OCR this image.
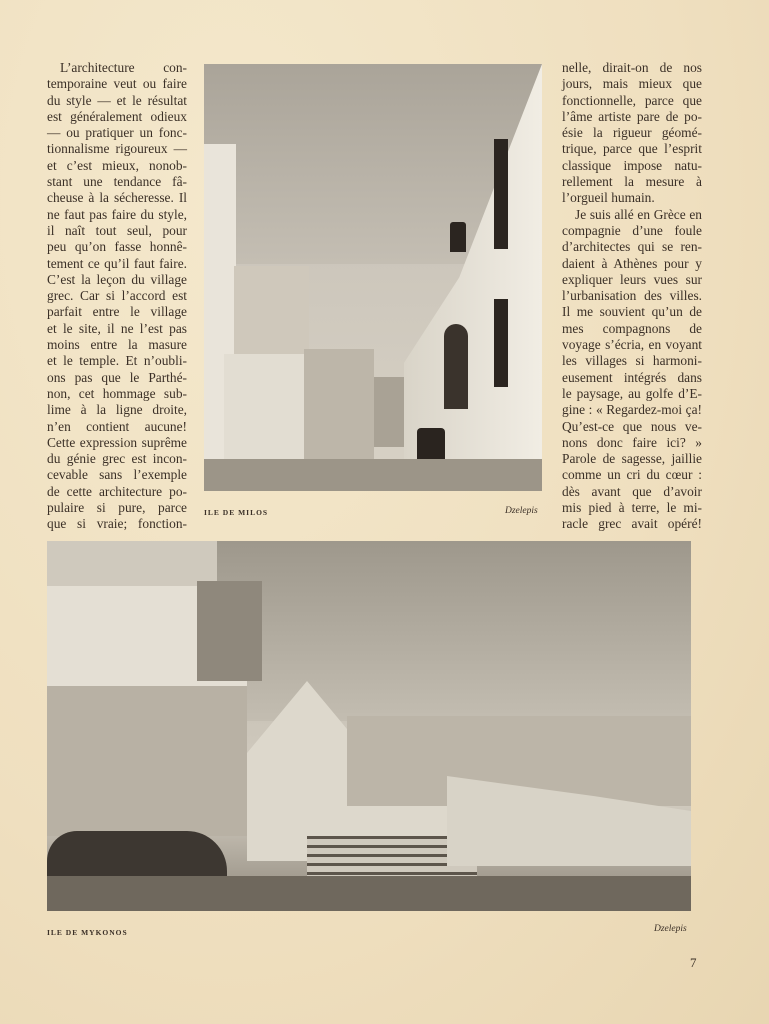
L’architecture con-
temporaine veut ou faire
du style — et le résultat
est généralement odieux
— ou pratiquer un fonc-
tionnalisme rigoureux —
et c’est mieux, nonob-
stant une tendance fâ-
cheuse à la sécheresse. Il
ne faut pas faire du style,
il naît tout seul, pour
peu qu’on fasse honnê-
tement ce qu’il faut faire.
C’est la leçon du village
grec. Car si l’accord est
parfait entre le village
et le site, il ne l’est pas
moins entre la masure
et le temple. Et n’oubli-
ons pas que le Parthé-
non, cet hommage sub-
lime à la ligne droite,
n’en contient aucune!
Cette expression suprême
du génie grec est incon-
cevable sans l’exemple
de cette architecture po-
pulaire si pure, parce
que si vraie; fonction-
nelle, dirait-on de nos
jours, mais mieux que
fonctionnelle, parce que
l’âme artiste pare de po-
ésie la rigueur géomé-
trique, parce que l’esprit
classique impose natu-
rellement la mesure à
l’orgueil humain.
Je suis allé en Grèce en
compagnie d’une foule
d’architectes qui se ren-
daient à Athènes pour y
expliquer leurs vues sur
l’urbanisation des villes.
Il me souvient qu’un de
mes compagnons de
voyage s’écria, en voyant
les villages si harmoni-
eusement intégrés dans
le paysage, au golfe d’E-
gine : « Regardez-moi ça!
Qu’est-ce que nous ve-
nons donc faire ici? »
Parole de sagesse, jaillie
comme un cri du cœur :
dès avant que d’avoir
mis pied à terre, le mi-
racle grec avait opéré!
ILE DE MILOS	Dzelepis
ILE DE MYKONOS	Dzelepis
7
